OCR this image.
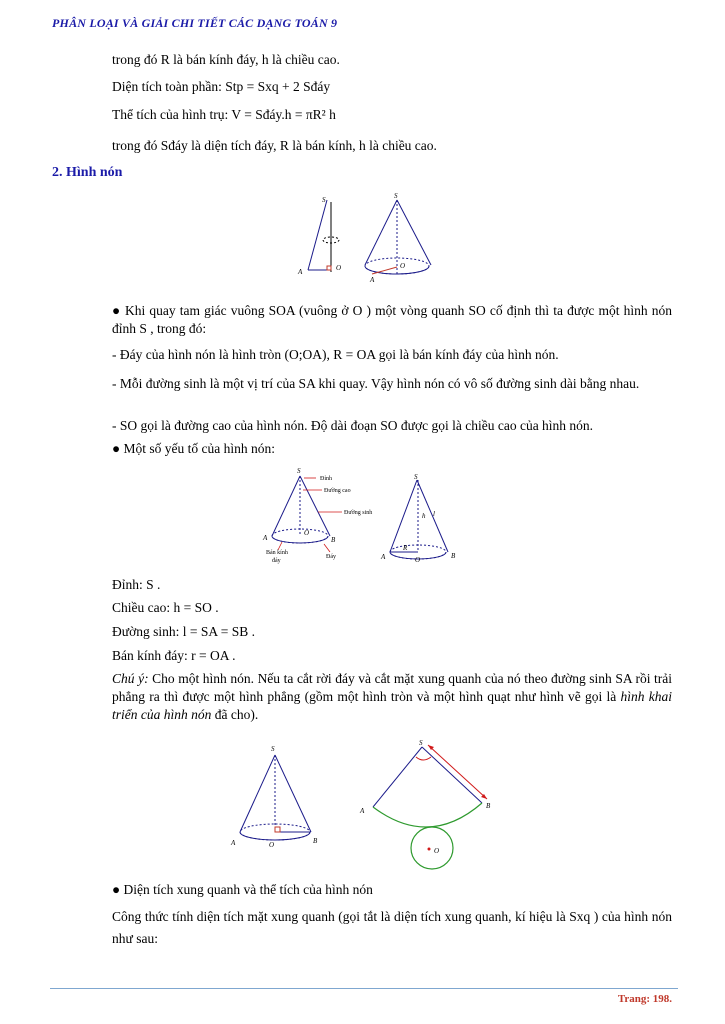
PHÂN LOẠI VÀ GIẢI CHI TIẾT CÁC DẠNG TOÁN 9
trong đó R là bán kính đáy, h là chiều cao.
Diện tích toàn phần: Stp = Sxq + 2 Sđáy
Thể tích của hình trụ: V = Sđáy.h = πR² h
trong đó Sđáy là diện tích đáy, R là bán kính, h là chiều cao.
2. Hình nón
S
A	O
S
A
O
● Khi quay tam giác vuông SOA (vuông ở O ) một vòng quanh SO cố định thì ta được một hình nón đỉnh S , trong đó:
- Đáy của hình nón là hình tròn (O;OA), R = OA gọi là bán kính đáy của hình nón.
- Mỗi đường sinh là một vị trí của SA khi quay. Vậy hình nón có vô số đường sinh dài bằng nhau.
- SO gọi là đường cao của hình nón. Độ dài đoạn SO được gọi là chiều cao của hình nón.
● Một số yếu tố của hình nón:
Đỉnh
Đường cao
Đường sinh
Bán kính
đáy
Đáy
S
A
O
B
S
h l
R
A	O	B
Đỉnh: S .
Chiều cao: h = SO .
Đường sinh: l = SA = SB .
Bán kính đáy: r = OA .
Chú ý: Cho một hình nón. Nếu ta cắt rời đáy và cắt mặt xung quanh của nó theo đường sinh SA rồi trải phẳng ra thì được một hình phẳng (gồm một hình tròn và một hình quạt như hình vẽ gọi là hình khai triển của hình nón đã cho).
S
A	O	B
S
A
B
O
● Diện tích xung quanh và thể tích của hình nón
Công thức tính diện tích mặt xung quanh (gọi tắt là diện tích xung quanh, kí hiệu là Sxq ) của hình nón như sau:
Trang: 198.
